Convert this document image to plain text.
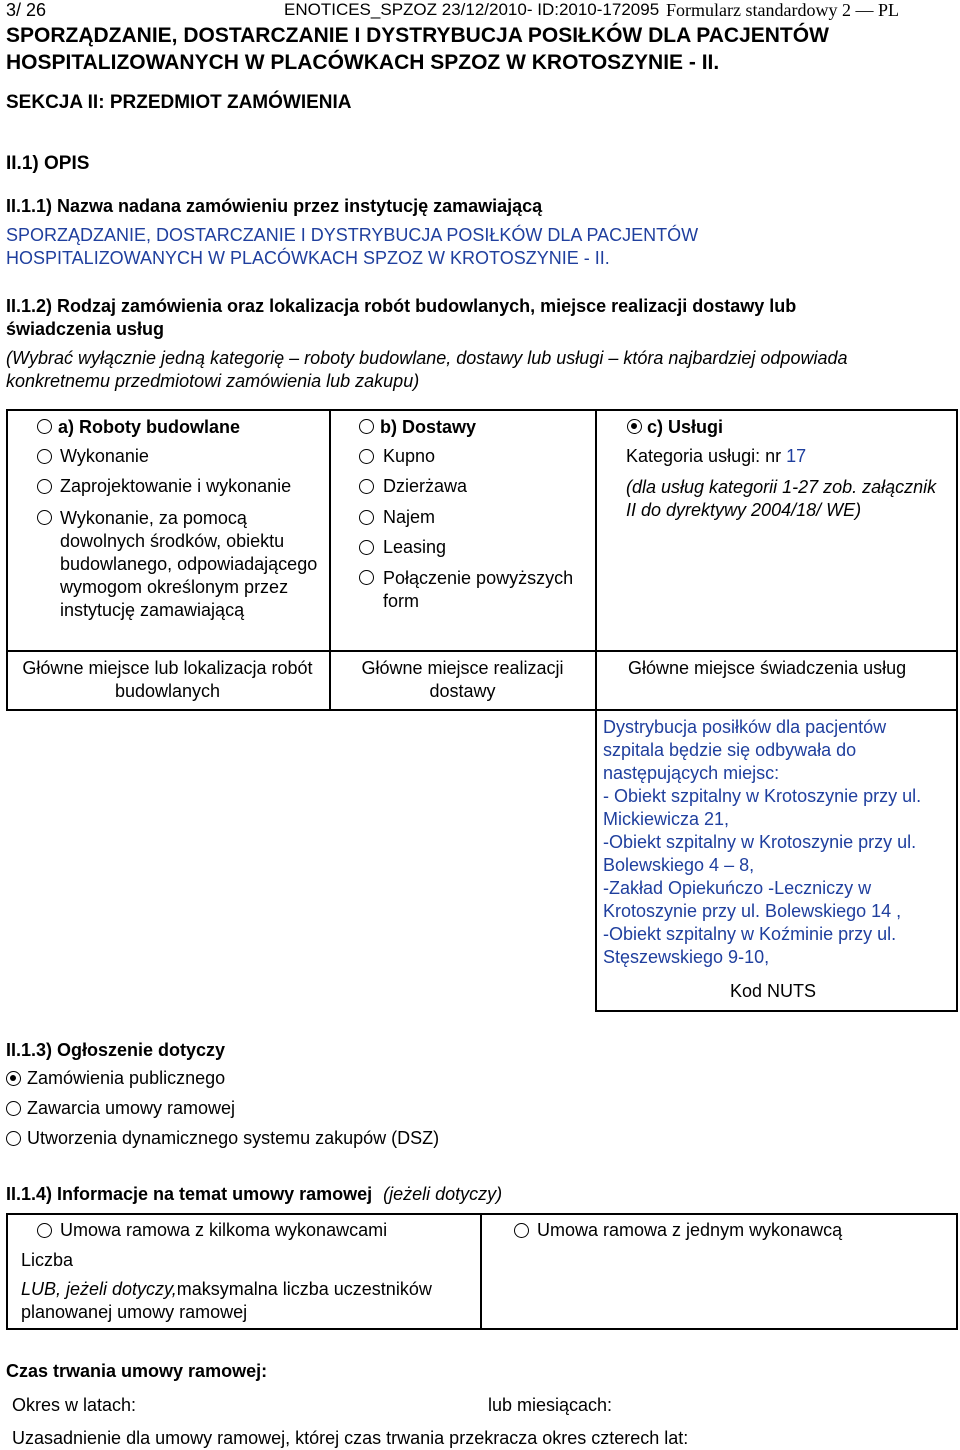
3/ 26	ENOTICES_SPZOZ 23/12/2010- ID:2010-172095 Formularz standardowy 2 — PL
SPORZĄDZANIE, DOSTARCZANIE I DYSTRYBUCJA POSIŁKÓW DLA PACJENTÓW
HOSPITALIZOWANYCH W PLACÓWKACH SPZOZ W KROTOSZYNIE - II.
SEKCJA II: PRZEDMIOT ZAMÓWIENIA
II.1) OPIS
II.1.1) Nazwa nadana zamówieniu przez instytucję zamawiającą
SPORZĄDZANIE, DOSTARCZANIE I DYSTRYBUCJA POSIŁKÓW DLA PACJENTÓW
HOSPITALIZOWANYCH W PLACÓWKACH SPZOZ W KROTOSZYNIE - II.
II.1.2) Rodzaj zamówienia oraz lokalizacja robót budowlanych, miejsce realizacji dostawy lub
świadczenia usług
(Wybrać wyłącznie jedną kategorię – roboty budowlane, dostawy lub usługi – która najbardziej odpowiada
konkretnemu przedmiotowi zamówienia lub zakupu)
a) Roboty budowlane
Wykonanie
Zaprojektowanie i wykonanie
Wykonanie, za pomocą dowolnych środków, obiektu budowlanego, odpowiadającego wymogom określonym przez instytucję zamawiającą
Główne miejsce lub lokalizacja robót budowlanych
b) Dostawy
Kupno
Dzierżawa
Najem
Leasing
Połączenie powyższych form
Główne miejsce realizacji dostawy
c) Usługi
Kategoria usługi: nr 17
(dla usług kategorii 1-27 zob. załącznik II do dyrektywy 2004/18/ WE)
Główne miejsce świadczenia usług
Dystrybucja posiłków dla pacjentów
szpitala będzie się odbywała do
następujących miejsc:
- Obiekt szpitalny w Krotoszynie przy ul.
Mickiewicza 21,
-Obiekt szpitalny w Krotoszynie przy ul.
Bolewskiego 4 – 8,
-Zakład Opiekuńczo -Leczniczy w
Krotoszynie przy ul. Bolewskiego 14 ,
-Obiekt szpitalny w Koźminie przy ul.
Stęszewskiego 9-10,
Kod NUTS
II.1.3) Ogłoszenie dotyczy
Zamówienia publicznego
Zawarcia umowy ramowej
Utworzenia dynamicznego systemu zakupów (DSZ)
II.1.4) Informacje na temat umowy ramowej (jeżeli dotyczy)
Umowa ramowa z kilkoma wykonawcami
Liczba
LUB, jeżeli dotyczy,maksymalna liczba uczestników
planowanej umowy ramowej
Umowa ramowa z jednym wykonawcą
Czas trwania umowy ramowej:
Okres w latach:	lub miesiącach:
Uzasadnienie dla umowy ramowej, której czas trwania przekracza okres czterech lat:
